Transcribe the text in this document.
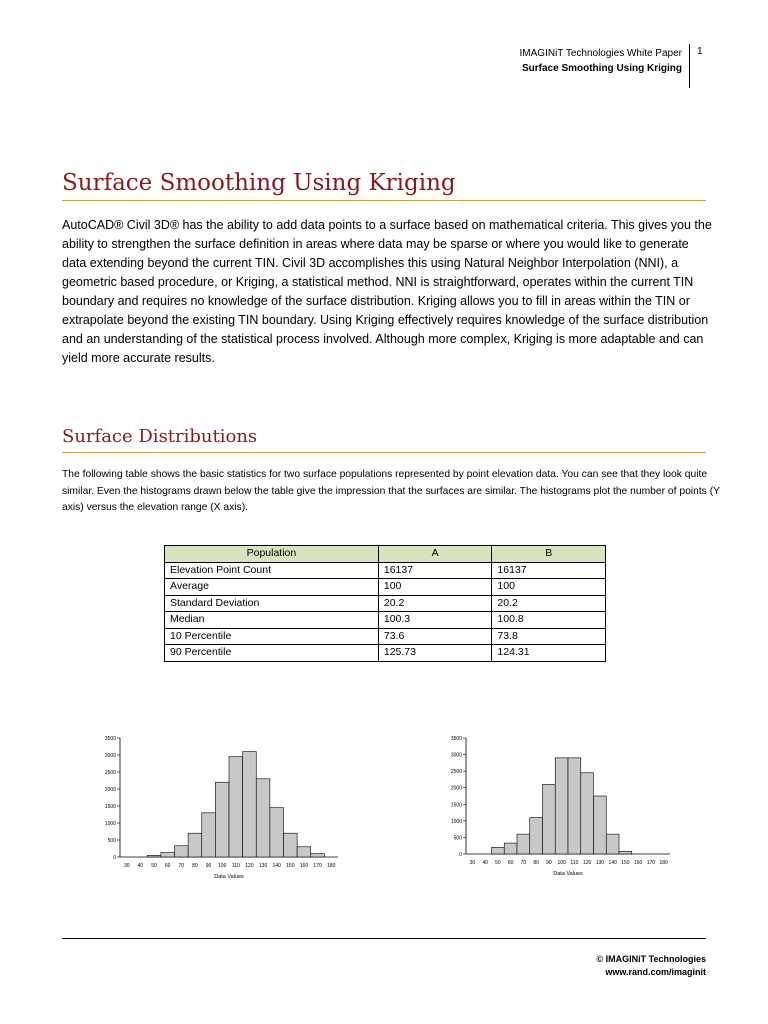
IMAGINiT Technologies White Paper
Surface Smoothing Using Kriging
1
Surface Smoothing Using Kriging

AutoCAD® Civil 3D® has the ability to add data points to a surface based on mathematical criteria. This gives you the ability to strengthen the surface definition in areas where data may be sparse or where you would like to generate data extending beyond the current TIN. Civil 3D accomplishes this using Natural Neighbor Interpolation (NNI), a geometric based procedure, or Kriging, a statistical method. NNI is straightforward, operates within the current TIN boundary and requires no knowledge of the surface distribution. Kriging allows you to fill in areas within the TIN or extrapolate beyond the existing TIN boundary. Using Kriging effectively requires knowledge of the surface distribution and an understanding of the statistical process involved. Although more complex, Kriging is more adaptable and can yield more accurate results.

Surface Distributions

The following table shows the basic statistics for two surface populations represented by point elevation data. You can see that they look quite similar. Even the histograms drawn below the table give the impression that the surfaces are similar. The histograms plot the number of points (Y axis) versus the elevation range (X axis).

Population	A	B
Elevation Point Count	16137	16137
Average	100	100
Standard Deviation	20.2	20.2
Median	100.3	100.8
10 Percentile	73.6	73.8
90 Percentile	125.73	124.31
0
500
1000
1500
2000
2500
3000
3500
30 40 50 60 70 80 90 100 110 120 130 140 150 160 170 180
Data Values
0
500
1000
1500
2000
2500
3000
3500
30 40 50 60 70 80 90 100 110 120 130 140 150 160 170 180
Data Values
© IMAGINiT Technologies
www.rand.com/imaginit
